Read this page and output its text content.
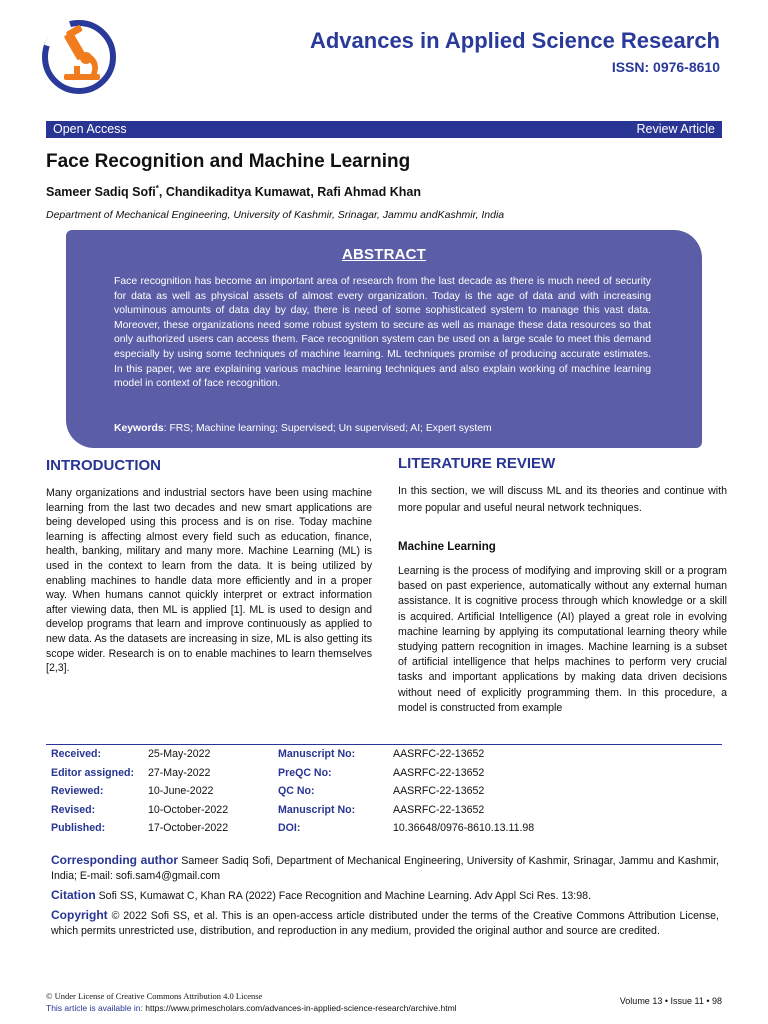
Advances in Applied Science Research
ISSN: 0976-8610
Open Access	Review Article
Face Recognition and Machine Learning
Sameer Sadiq Sofi*, Chandikaditya Kumawat, Rafi Ahmad Khan
Department of Mechanical Engineering, University of Kashmir, Srinagar, Jammu andKashmir, India
ABSTRACT
Face recognition has become an important area of research from the last decade as there is much need of security for data as well as physical assets of almost every organization. Today is the age of data and with increasing voluminous amounts of data day by day, there is need of some sophisticated system to manage this vast data. Moreover, these organizations need some robust system to secure as well as manage these data resources so that only authorized users can access them. Face recognition system can be used on a large scale to meet this demand especially by using some techniques of machine learning. ML techniques promise of producing accurate estimates. In this paper, we are explaining various machine learning techniques and also explain working of machine learning model in context of face recognition.
Keywords: FRS; Machine learning; Supervised; Un supervised; AI; Expert system
INTRODUCTION
Many organizations and industrial sectors have been using machine learning from the last two decades and new smart applications are being developed using this process and is on rise. Today machine learning is affecting almost every field such as education, finance, health, banking, military and many more. Machine Learning (ML) is used in the context to learn from the data. It is being utilized by enabling machines to handle data more efficiently and in a proper way. When humans cannot quickly interpret or extract information after viewing data, then ML is applied [1]. ML is used to design and develop programs that learn and improve continuously as applied to new data. As the datasets are increasing in size, ML is also getting its scope wider. Research is on to enable machines to learn themselves [2,3].
LITERATURE REVIEW
In this section, we will discuss ML and its theories and continue with more popular and useful neural network techniques.
Machine Learning
Learning is the process of modifying and improving skill or a program based on past experience, automatically without any external human assistance. It is cognitive process through which knowledge or a skill is acquired. Artificial Intelligence (AI) played a great role in evolving machine learning by applying its computational learning theory while studying pattern recognition in images. Machine learning is a subset of artificial intelligence that helps machines to perform very crucial tasks and important applications by making data driven decisions without need of explicitly programming them. In this procedure, a model is constructed from example
Received:	25-May-2022	Manuscript No:	AASRFC-22-13652
Editor assigned: 27-May-2022	PreQC No:	AASRFC-22-13652
Reviewed:	10-June-2022	QC No:	AASRFC-22-13652
Revised:	10-October-2022	Manuscript No:	AASRFC-22-13652
Published:	17-October-2022	DOI:	10.36648/0976-8610.13.11.98
Corresponding author Sameer Sadiq Sofi, Department of Mechanical Engineering, University of Kashmir, Srinagar, Jammu and Kashmir, India; E-mail: sofi.sam4@gmail.com
Citation Sofi SS, Kumawat C, Khan RA (2022) Face Recognition and Machine Learning. Adv Appl Sci Res. 13:98.
Copyright © 2022 Sofi SS, et al. This is an open-access article distributed under the terms of the Creative Commons Attribution License, which permits unrestricted use, distribution, and reproduction in any medium, provided the original author and source are credited.
© Under License of Creative Commons Attribution 4.0 License
This article is available in: https://www.primescholars.com/advances-in-applied-science-research/archive.html
Volume 13 • Issue 11 • 98
